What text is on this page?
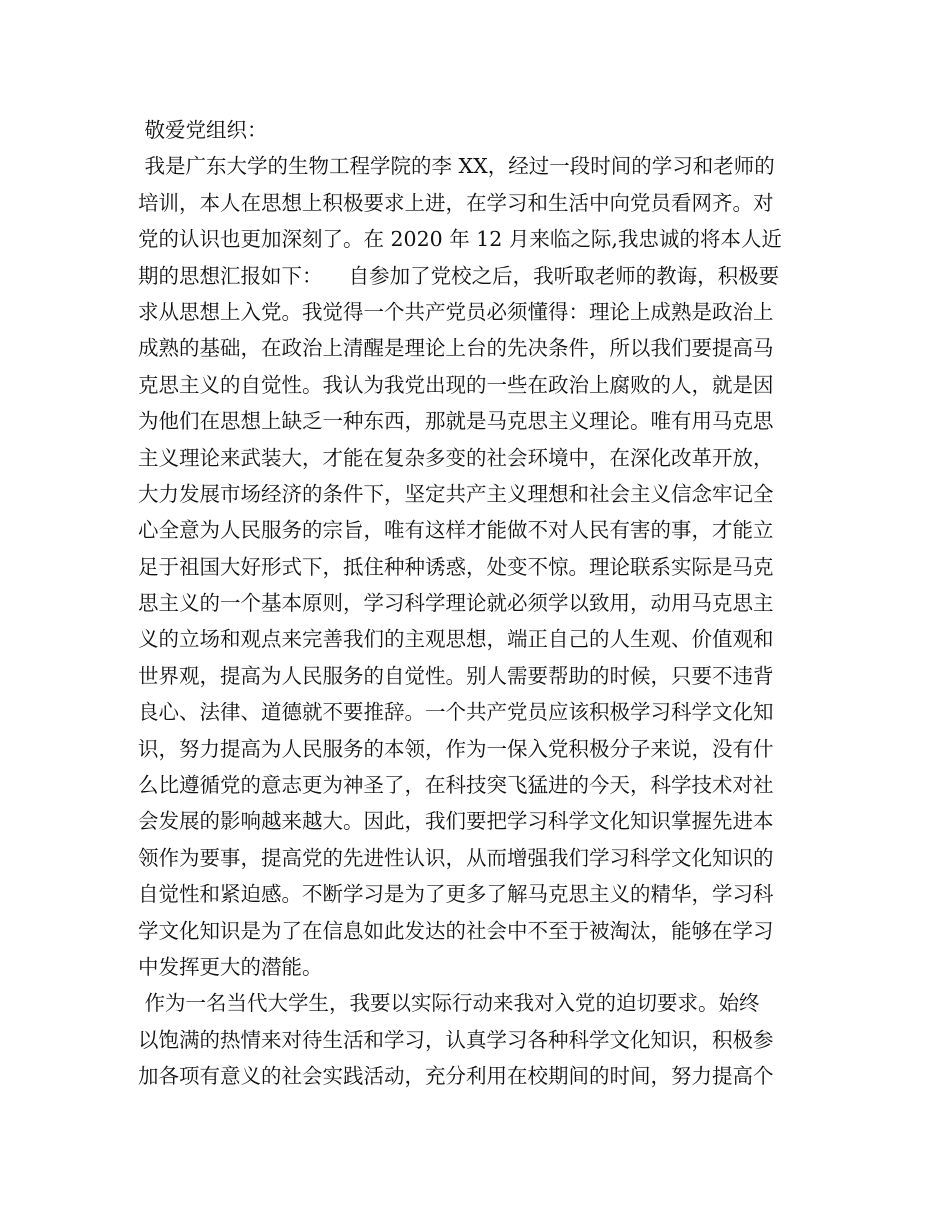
敬爱党组织：
我是广东大学的生物工程学院的李 XX，经过一段时间的学习和老师的
培训，本人在思想上积极要求上进，在学习和生活中向党员看网齐。对
党的认识也更加深刻了。在 2020 年 12 月来临之际,我忠诚的将本人近
期的思想汇报如下：    自参加了党校之后，我听取老师的教诲，积极要
求从思想上入党。我觉得一个共产党员必须懂得：理论上成熟是政治上
成熟的基础，在政治上清醒是理论上台的先决条件，所以我们要提高马
克思主义的自觉性。我认为我党出现的一些在政治上腐败的人，就是因
为他们在思想上缺乏一种东西，那就是马克思主义理论。唯有用马克思
主义理论来武装大，才能在复杂多变的社会环境中，在深化改革开放，
大力发展市场经济的条件下，坚定共产主义理想和社会主义信念牢记全
心全意为人民服务的宗旨，唯有这样才能做不对人民有害的事，才能立
足于祖国大好形式下，抵住种种诱惑，处变不惊。理论联系实际是马克
思主义的一个基本原则，学习科学理论就必须学以致用，动用马克思主
义的立场和观点来完善我们的主观思想，端正自己的人生观、价值观和
世界观，提高为人民服务的自觉性。别人需要帮助的时候，只要不违背
良心、法律、道德就不要推辞。一个共产党员应该积极学习科学文化知
识，努力提高为人民服务的本领，作为一保入党积极分子来说，没有什
么比遵循党的意志更为神圣了，在科技突飞猛进的今天，科学技术对社
会发展的影响越来越大。因此，我们要把学习科学文化知识掌握先进本
领作为要事，提高党的先进性认识，从而增强我们学习科学文化知识的
自觉性和紧迫感。不断学习是为了更多了解马克思主义的精华，学习科
学文化知识是为了在信息如此发达的社会中不至于被淘汰，能够在学习
中发挥更大的潜能。
作为一名当代大学生，我要以实际行动来我对入党的迫切要求。始终
以饱满的热情来对待生活和学习，认真学习各种科学文化知识，积极参
加各项有意义的社会实践活动，充分利用在校期间的时间，努力提高个
